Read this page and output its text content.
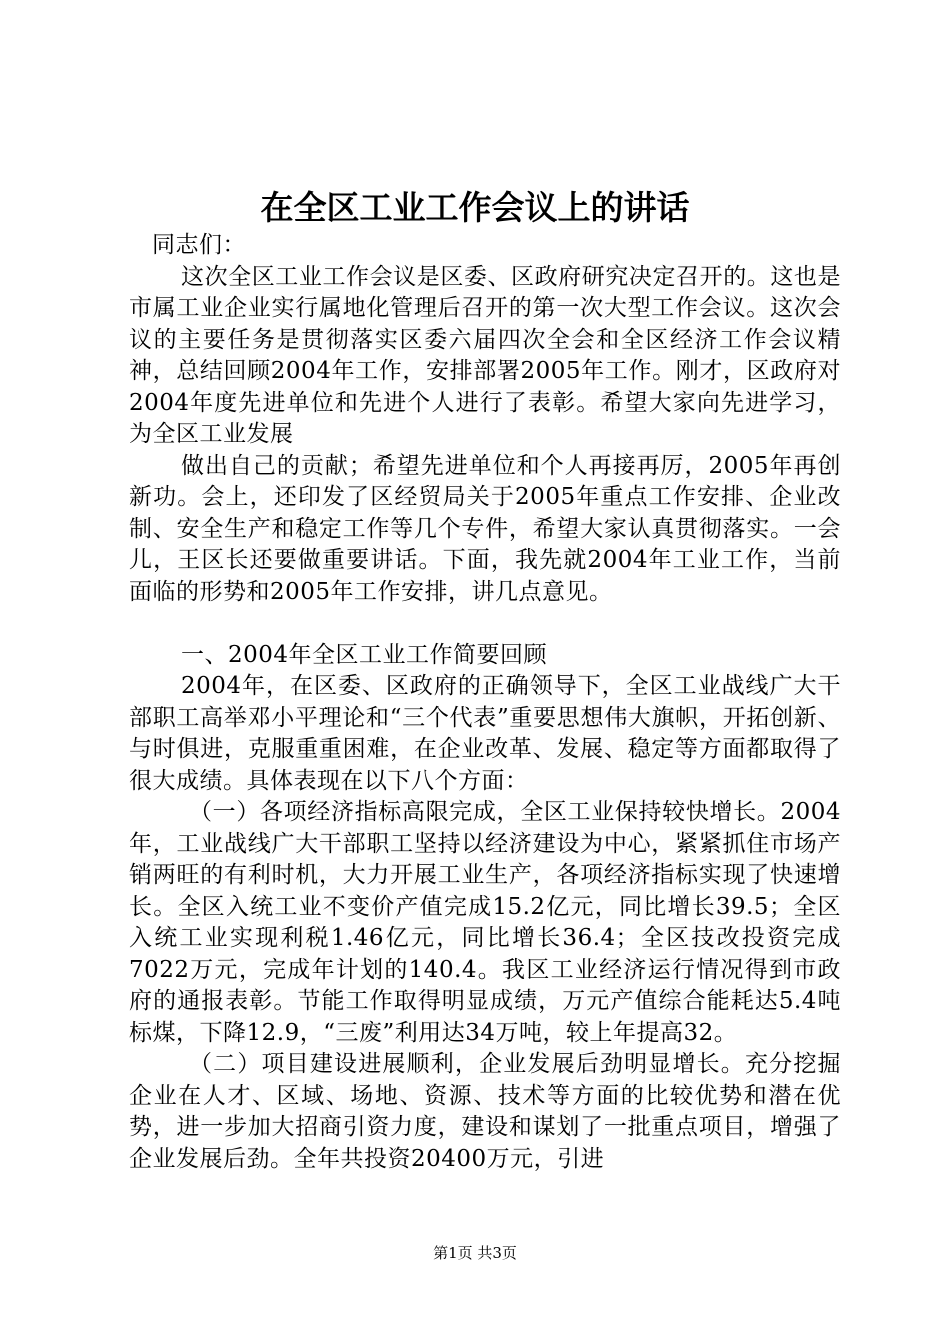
在全区工业工作会议上的讲话

同志们：

这次全区工业工作会议是区委、区政府研究决定召开的。这也是市属工业企业实行属地化管理后召开的第一次大型工作会议。这次会议的主要任务是贯彻落实区委六届四次全会和全区经济工作会议精神，总结回顾2004年工作，安排部署2005年工作。刚才，区政府对2004年度先进单位和先进个人进行了表彰。希望大家向先进学习，为全区工业发展

做出自己的贡献；希望先进单位和个人再接再厉，2005年再创新功。会上，还印发了区经贸局关于2005年重点工作安排、企业改制、安全生产和稳定工作等几个专件，希望大家认真贯彻落实。一会儿，王区长还要做重要讲话。下面，我先就2004年工业工作，当前面临的形势和2005年工作安排，讲几点意见。

一、2004年全区工业工作简要回顾

2004年，在区委、区政府的正确领导下，全区工业战线广大干部职工高举邓小平理论和“三个代表”重要思想伟大旗帜，开拓创新、与时俱进，克服重重困难，在企业改革、发展、稳定等方面都取得了很大成绩。具体表现在以下八个方面：

（一）各项经济指标高限完成，全区工业保持较快增长。2004年，工业战线广大干部职工坚持以经济建设为中心，紧紧抓住市场产销两旺的有利时机，大力开展工业生产，各项经济指标实现了快速增长。全区入统工业不变价产值完成15.2亿元，同比增长39.5；全区入统工业实现利税1.46亿元，同比增长36.4；全区技改投资完成7022万元，完成年计划的140.4。我区工业经济运行情况得到市政府的通报表彰。节能工作取得明显成绩，万元产值综合能耗达5.4吨标煤，下降12.9，“三废”利用达34万吨，较上年提高32。

（二）项目建设进展顺利，企业发展后劲明显增长。充分挖掘企业在人才、区域、场地、资源、技术等方面的比较优势和潜在优势，进一步加大招商引资力度，建设和谋划了一批重点项目，增强了企业发展后劲。全年共投资20400万元，引进

第1页 共3页
